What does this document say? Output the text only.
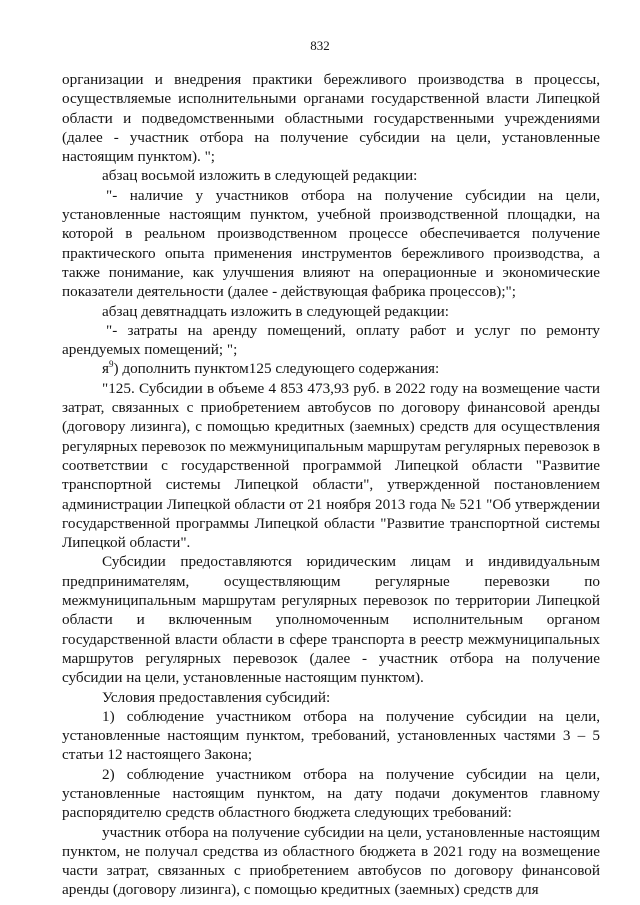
832

организации и внедрения практики бережливого производства в процессы, осуществляемые исполнительными органами государственной власти Липецкой области и подведомственными областными государственными учреждениями (далее - участник отбора на получение субсидии на цели, установленные настоящим пунктом). ";

абзац восьмой изложить в следующей редакции:

"- наличие у участников отбора на получение субсидии на цели, установленные настоящим пунктом, учебной производственной площадки, на которой в реальном производственном процессе обеспечивается получение практического опыта применения инструментов бережливого производства, а также понимание, как улучшения влияют на операционные и экономические показатели деятельности (далее - действующая фабрика процессов);";

абзац девятнадцать изложить в следующей редакции:

"- затраты на аренду помещений, оплату работ и услуг по ремонту арендуемых помещений; ";

$я^9$) дополнить пунктом125 следующего содержания:

"125. Субсидии в объеме 4 853 473,93 руб. в 2022 году на возмещение части затрат, связанных с приобретением автобусов по договору финансовой аренды (договору лизинга), с помощью кредитных (заемных) средств для осуществления регулярных перевозок по межмуниципальным маршрутам регулярных перевозок в соответствии с государственной программой Липецкой области "Развитие транспортной системы Липецкой области", утвержденной постановлением администрации Липецкой области от 21 ноября 2013 года № 521 "Об утверждении государственной программы Липецкой области "Развитие транспортной системы Липецкой области".

Субсидии предоставляются юридическим лицам и индивидуальным предпринимателям, осуществляющим регулярные перевозки по межмуниципальным маршрутам регулярных перевозок по территории Липецкой области и включенным уполномоченным исполнительным органом государственной власти области в сфере транспорта в реестр межмуниципальных маршрутов регулярных перевозок (далее - участник отбора на получение субсидии на цели, установленные настоящим пунктом).

Условия предоставления субсидий:

1) соблюдение участником отбора на получение субсидии на цели, установленные настоящим пунктом, требований, установленных частями 3 – 5 статьи 12 настоящего Закона;

2) соблюдение участником отбора на получение субсидии на цели, установленные настоящим пунктом, на дату подачи документов главному распорядителю средств областного бюджета следующих требований:

участник отбора на получение субсидии на цели, установленные настоящим пунктом, не получал средства из областного бюджета в 2021 году на возмещение части затрат, связанных с приобретением автобусов по договору финансовой аренды (договору лизинга), с помощью кредитных (заемных) средств для
